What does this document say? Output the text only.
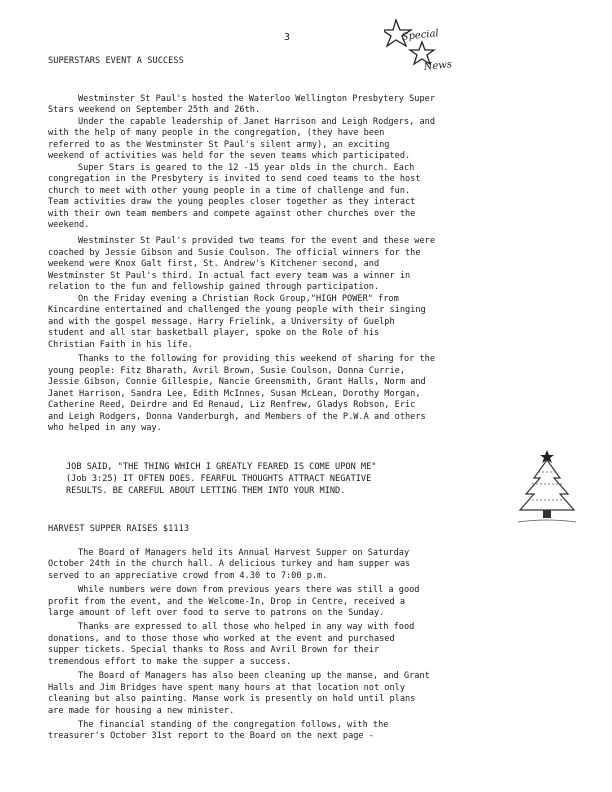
3	Special
News
SUPERSTARS EVENT A SUCCESS
Westminster St Paul's hosted the Waterloo Wellington Presbytery Super
Stars weekend on September 25th and 26th.
Under the capable leadership of Janet Harrison and Leigh Rodgers, and
with the help of many people in the congregation, (they have been
referred to as the Westminster St Paul's silent army), an exciting
weekend of activities was held for the seven teams which participated.
Super Stars is geared to the 12 -15 year olds in the church. Each
congregation in the Presbytery is invited to send coed teams to the host
church to meet with other young people in a time of challenge and fun.
Team activities draw the young peoples closer together as they interact
with their own team members and compete against other churches over the
weekend.
Westminster St Paul's provided two teams for the event and these were
coached by Jessie Gibson and Susie Coulson. The official winners for the
weekend were Knox Galt first, St. Andrew's Kitchener second, and
Westminster St Paul's third. In actual fact every team was a winner in
relation to the fun and fellowship gained through participation.
On the Friday evening a Christian Rock Group,"HIGH POWER" from
Kincardine entertained and challenged the young people with their singing
and with the gospel message. Harry Frielink, a University of Guelph
student and all star basketball player, spoke on the Role of his
Christian Faith in his life.
Thanks to the following for providing this weekend of sharing for the
young people: Fitz Bharath, Avril Brown, Susie Coulson, Donna Currie,
Jessie Gibson, Connie Gillespie, Nancie Greensmith, Grant Halls, Norm and
Janet Harrison, Sandra Lee, Edith McInnes, Susan McLean, Dorothy Morgan,
Catherine Reed, Deirdre and Ed Renaud, Liz Renfrew, Gladys Robson, Eric
and Leigh Rodgers, Donna Vanderburgh, and Members of the P.W.A and others
who helped in any way.
JOB SAID, "THE THING WHICH I GREATLY FEARED IS COME UPON ME"
(Job 3:25) IT OFTEN DOES. FEARFUL THOUGHTS ATTRACT NEGATIVE
RESULTS. BE CAREFUL ABOUT LETTING THEM INTO YOUR MIND.
HARVEST SUPPER RAISES $1113
The Board of Managers held its Annual Harvest Supper on Saturday
October 24th in the church hall. A delicious turkey and ham supper was
served to an appreciative crowd from 4.30 to 7:00 p.m.
While numbers were down from previous years there was still a good
profit from the event, and the Welcome-In, Drop in Centre, received a
large amount of left over food to serve to patrons on the Sunday.
Thanks are expressed to all those who helped in any way with food
donations, and to those those who worked at the event and purchased
supper tickets. Special thanks to Ross and Avril Brown for their
tremendous effort to make the supper a success.
The Board of Managers has also been cleaning up the manse, and Grant
Halls and Jim Bridges have spent many hours at that location not only
cleaning but also painting. Manse work is presently on hold until plans
are made for housing a new minister.
The financial standing of the congregation follows, with the
treasurer's October 31st report to the Board on the next page -
